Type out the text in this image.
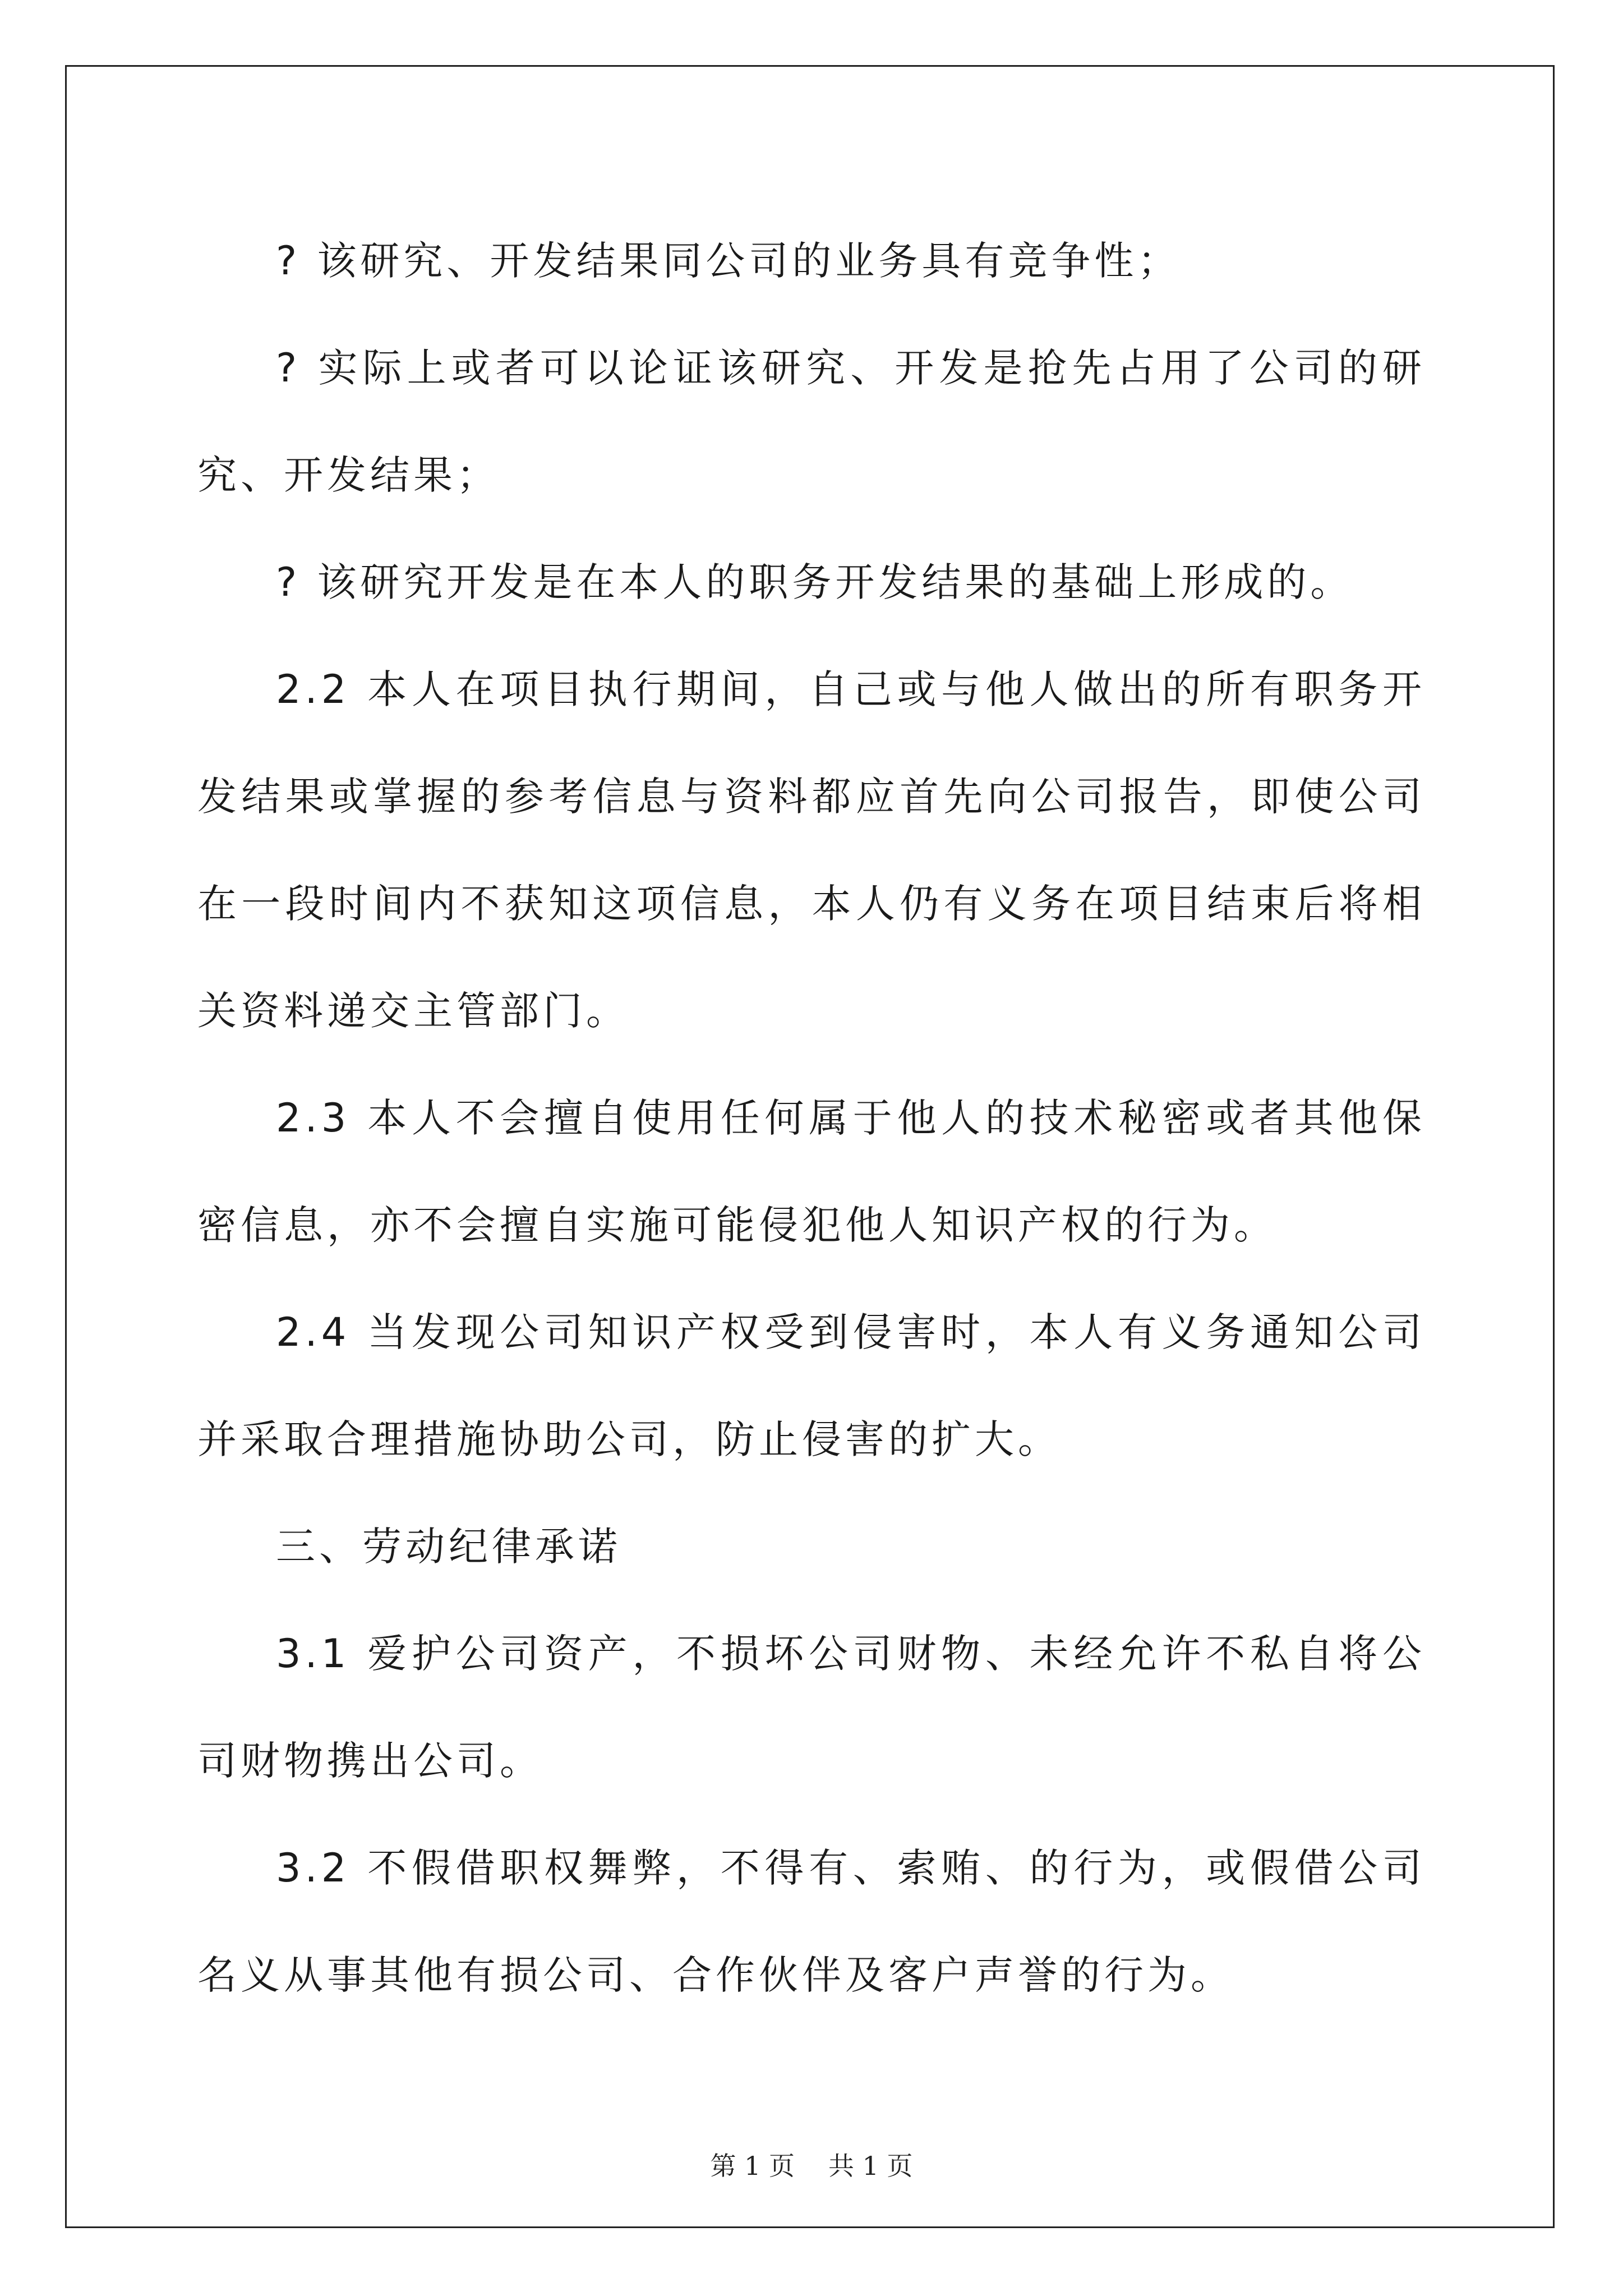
? 该研究、开发结果同公司的业务具有竞争性；

? 实际上或者可以论证该研究、开发是抢先占用了公司的研究、开发结果；

? 该研究开发是在本人的职务开发结果的基础上形成的。

2.2 本人在项目执行期间，自己或与他人做出的所有职务开发结果或掌握的参考信息与资料都应首先向公司报告，即使公司在一段时间内不获知这项信息，本人仍有义务在项目结束后将相关资料递交主管部门。

2.3 本人不会擅自使用任何属于他人的技术秘密或者其他保密信息，亦不会擅自实施可能侵犯他人知识产权的行为。

2.4 当发现公司知识产权受到侵害时，本人有义务通知公司并采取合理措施协助公司，防止侵害的扩大。

三、劳动纪律承诺

3.1 爱护公司资产，不损坏公司财物、未经允许不私自将公司财物携出公司。

3.2 不假借职权舞弊，不得有、索贿、的行为，或假借公司名义从事其他有损公司、合作伙伴及客户声誉的行为。

第 1 页 共 1 页
